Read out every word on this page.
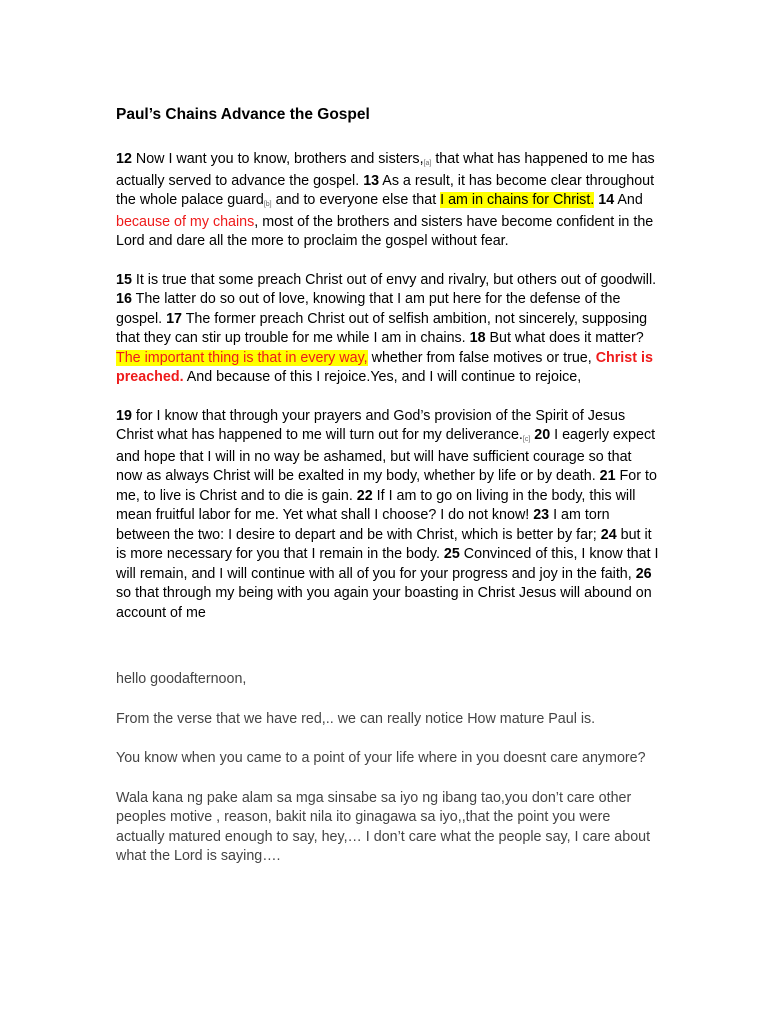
Paul’s Chains Advance the Gospel

12 Now I want you to know, brothers and sisters,[a] that what has happened to me has actually served to advance the gospel. 13 As a result, it has become clear throughout the whole palace guard[b] and to everyone else that I am in chains for Christ. 14 And because of my chains, most of the brothers and sisters have become confident in the Lord and dare all the more to proclaim the gospel without fear.

15 It is true that some preach Christ out of envy and rivalry, but others out of goodwill. 16 The latter do so out of love, knowing that I am put here for the defense of the gospel. 17 The former preach Christ out of selfish ambition, not sincerely, supposing that they can stir up trouble for me while I am in chains. 18 But what does it matter? The important thing is that in every way, whether from false motives or true, Christ is preached. And because of this I rejoice.Yes, and I will continue to rejoice,

19 for I know that through your prayers and God’s provision of the Spirit of Jesus Christ what has happened to me will turn out for my deliverance.[c] 20 I eagerly expect and hope that I will in no way be ashamed, but will have sufficient courage so that now as always Christ will be exalted in my body, whether by life or by death. 21 For to me, to live is Christ and to die is gain. 22 If I am to go on living in the body, this will mean fruitful labor for me. Yet what shall I choose? I do not know! 23 I am torn between the two: I desire to depart and be with Christ, which is better by far; 24 but it is more necessary for you that I remain in the body. 25 Convinced of this, I know that I will remain, and I will continue with all of you for your progress and joy in the faith, 26 so that through my being with you again your boasting in Christ Jesus will abound on account of me

hello goodafternoon,

From the verse that we have red,.. we can really notice How mature Paul is.

You know when you came to a point of your life where in you doesnt care anymore?

Wala kana ng pake alam sa mga sinsabe sa iyo ng ibang tao,you don’t care other peoples motive , reason, bakit nila ito ginagawa sa iyo,,that the point you were actually matured enough to say, hey,… I don’t care what the people say, I care about what the Lord is saying….
